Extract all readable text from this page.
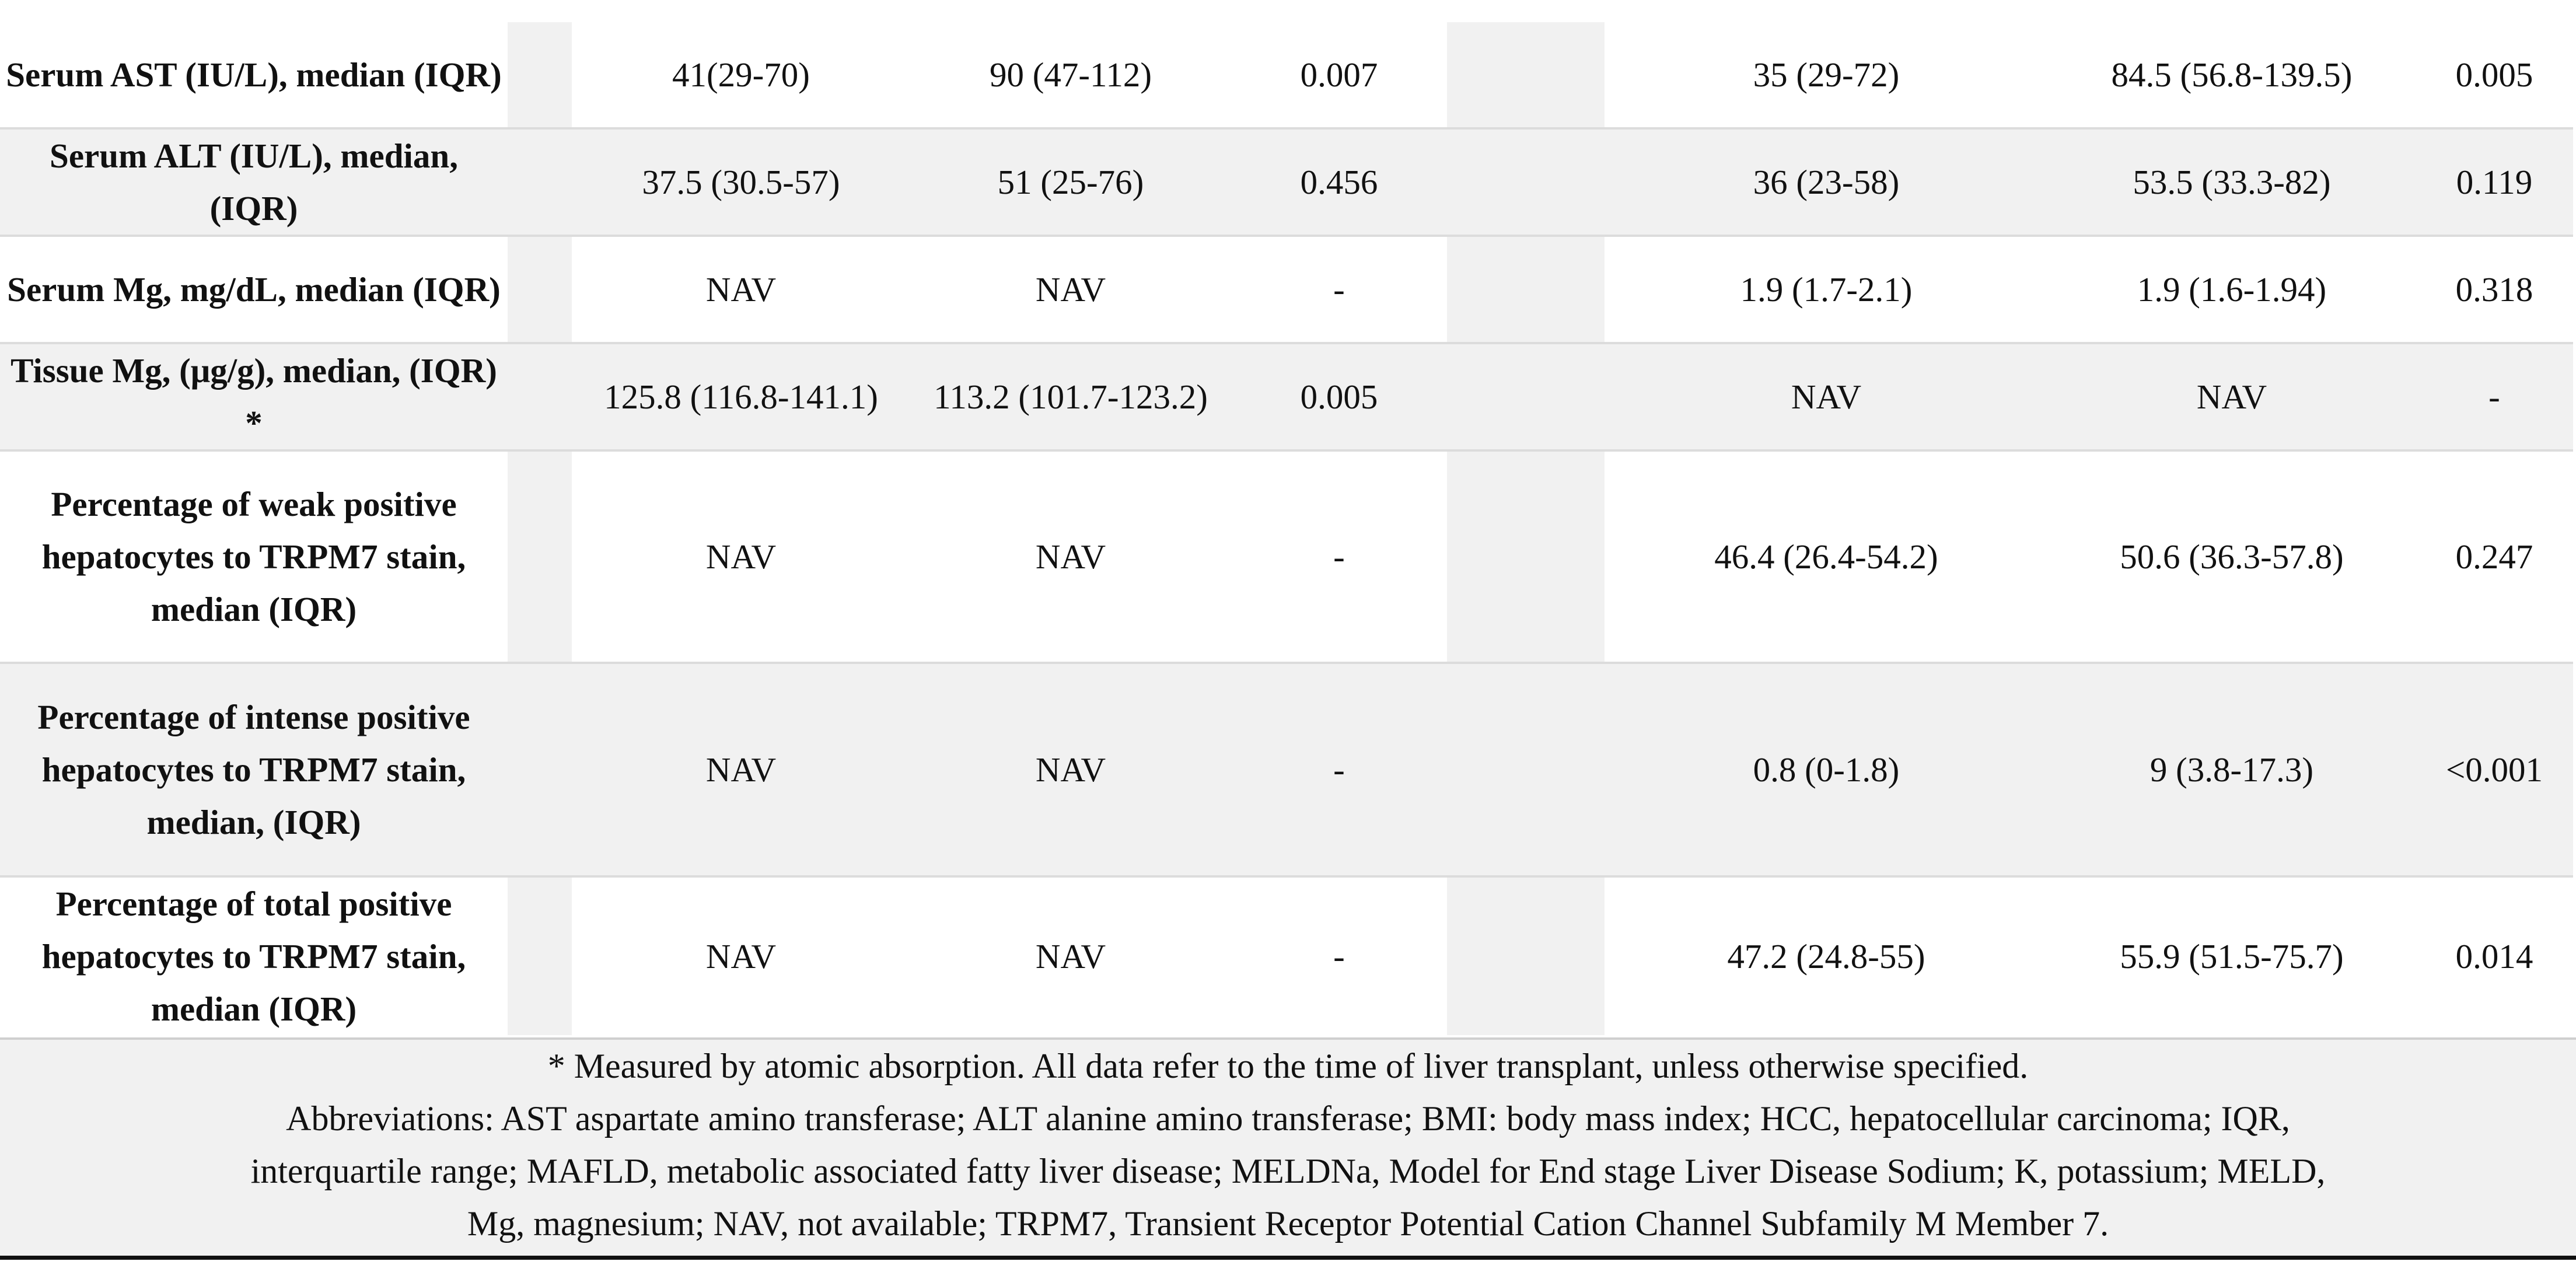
Serum AST (IU/L), median (IQR)		41(29-70)	90 (47-112)	0.007		35 (29-72)	84.5 (56.8-139.5)	0.005
Serum ALT (IU/L), median, (IQR)		37.5 (30.5-57)	51 (25-76)	0.456		36 (23-58)	53.5 (33.3-82)	0.119
Serum Mg, mg/dL, median (IQR)		NAV	NAV	-		1.9 (1.7-2.1)	1.9 (1.6-1.94)	0.318
Tissue Mg, (μg/g), median, (IQR) *		125.8 (116.8-141.1)	113.2 (101.7-123.2)	0.005		NAV	NAV	-
Percentage of weak positive hepatocytes to TRPM7 stain, median (IQR)		NAV	NAV	-		46.4 (26.4-54.2)	50.6 (36.3-57.8)	0.247
Percentage of intense positive hepatocytes to TRPM7 stain, median, (IQR)		NAV	NAV	-		0.8 (0-1.8)	9 (3.8-17.3)	<0.001
Percentage of total positive hepatocytes to TRPM7 stain, median (IQR)		NAV	NAV	-		47.2 (24.8-55)	55.9 (51.5-75.7)	0.014

* Measured by atomic absorption. All data refer to the time of liver transplant, unless otherwise specified.

Abbreviations: AST aspartate amino transferase; ALT alanine amino transferase; BMI: body mass index; HCC, hepatocellular carcinoma; IQR,

interquartile range; MAFLD, metabolic associated fatty liver disease; MELDNa, Model for End stage Liver Disease Sodium; K, potassium; MELD,

Mg, magnesium; NAV, not available; TRPM7, Transient Receptor Potential Cation Channel Subfamily M Member 7.
